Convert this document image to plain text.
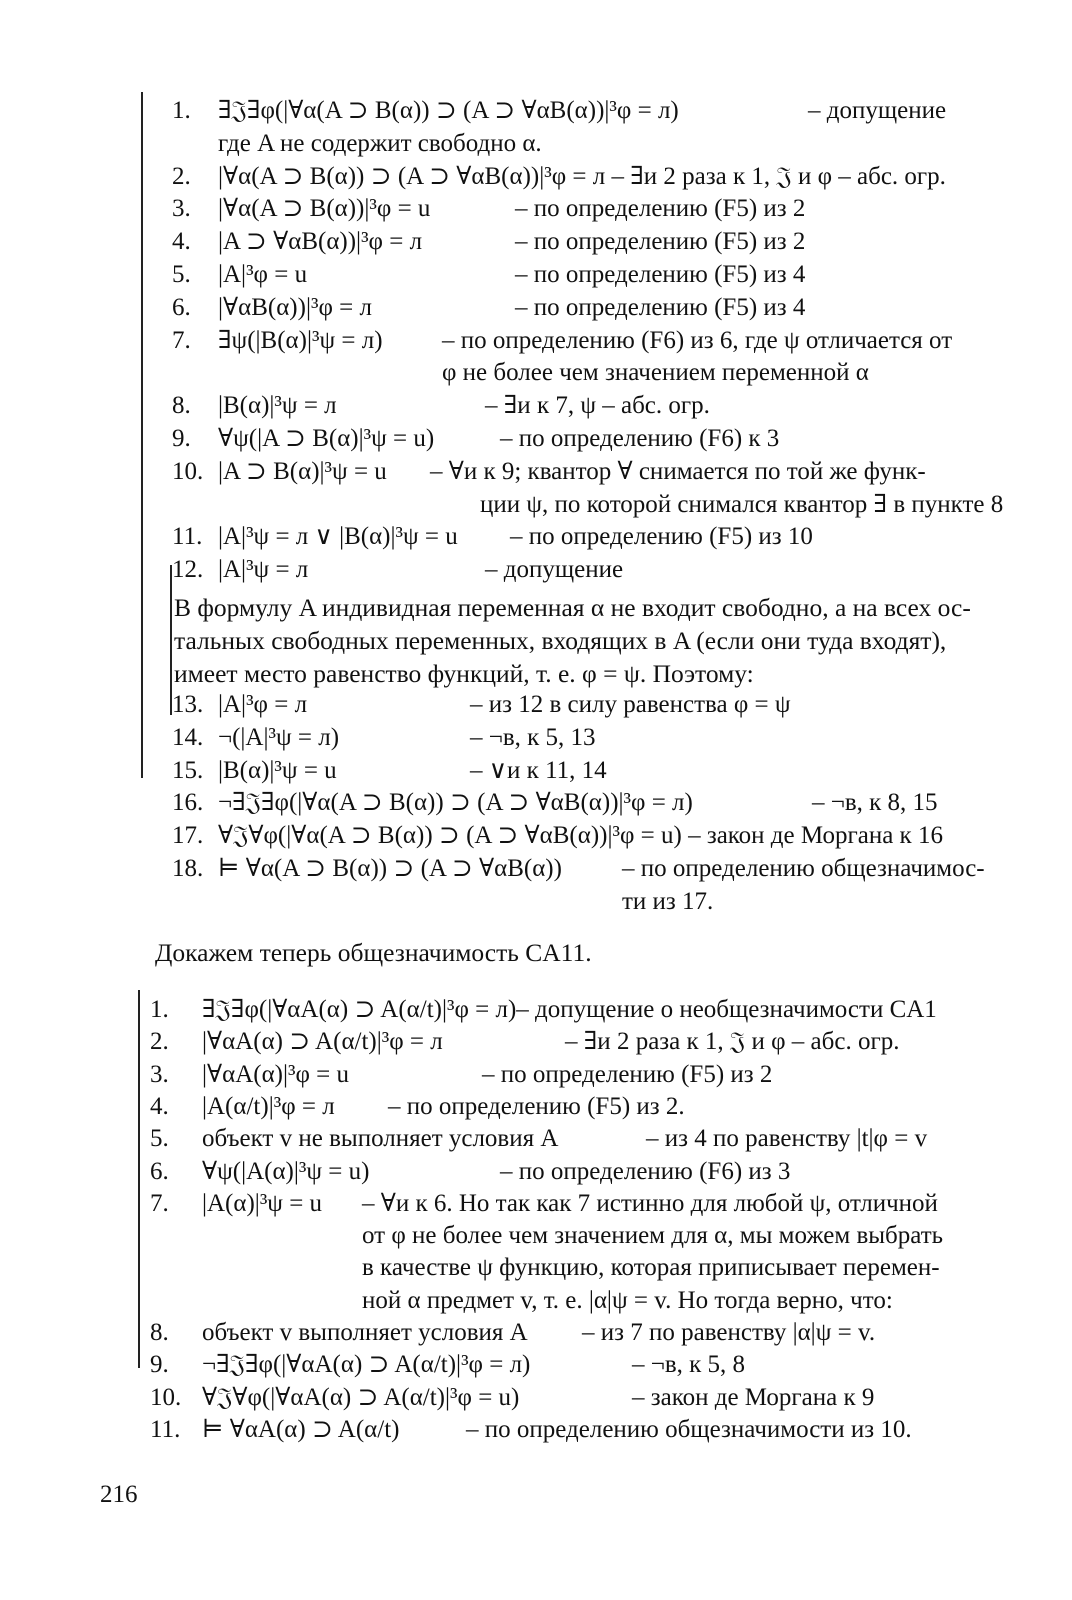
1. ∃𝔍∃φ(|∀α(A ⊃ B(α)) ⊃ (A ⊃ ∀αB(α))|³φ = л)	– допущение
где A не содержит свободно α.
2. |∀α(A ⊃ B(α)) ⊃ (A ⊃ ∀αB(α))|³φ = л – ∃и 2 раза к 1, 𝔍 и φ – абс. огр.
3. |∀α(A ⊃ B(α))|³φ = u	– по определению (F5) из 2
4. |A ⊃ ∀αB(α))|³φ = л	– по определению (F5) из 2
5. |A|³φ = u	– по определению (F5) из 4
6. |∀αB(α))|³φ = л	– по определению (F5) из 4
7. ∃ψ(|B(α)|³ψ = л) – по определению (F6) из 6, где ψ отличается от
φ не более чем значением переменной α
8. |B(α)|³ψ = л	– ∃и к 7, ψ – абс. огр.
9. ∀ψ(|A ⊃ B(α)|³ψ = u)	– по определению (F6) к 3
10. |A ⊃ B(α)|³ψ = u – ∀и к 9; квантор ∀ снимается по той же функ-
ции ψ, по которой снимался квантор ∃ в пункте 8
11. |A|³ψ = л ∨ |B(α)|³ψ = u – по определению (F5) из 10
12. |A|³ψ = л	– допущение
В формулу A индивидная переменная α не входит свободно, а на всех ос-
тальных свободных переменных, входящих в A (если они туда входят),
имеет место равенство функций, т. е. φ = ψ. Поэтому:
13. |A|³φ = л	– из 12 в силу равенства φ = ψ
14. ¬(|A|³ψ = л)	– ¬в, к 5, 13
15. |B(α)|³ψ = u	– ∨и к 11, 14
16. ¬∃𝔍∃φ(|∀α(A ⊃ B(α)) ⊃ (A ⊃ ∀αB(α))|³φ = л)	– ¬в, к 8, 15
17. ∀𝔍∀φ(|∀α(A ⊃ B(α)) ⊃ (A ⊃ ∀αB(α))|³φ = u) – закон де Моргана к 16
18. ⊨ ∀α(A ⊃ B(α)) ⊃ (A ⊃ ∀αB(α)) – по определению общезначимос-
ти из 17.
Докажем теперь общезначимость CA11.
1. ∃𝔍∃φ(|∀αA(α) ⊃ A(α/t)|³φ = л)– допущение о необщезначимости CA1
2. |∀αA(α) ⊃ A(α/t)|³φ = л	– ∃и 2 раза к 1, 𝔍 и φ – абс. огр.
3. |∀αA(α)|³φ = u	– по определению (F5) из 2
4. |A(α/t)|³φ = л – по определению (F5) из 2.
5. объект v не выполняет условия A	– из 4 по равенству |t|φ = v
6. ∀ψ(|A(α)|³ψ = u)	– по определению (F6) из 3
7. |A(α)|³ψ = u – ∀и к 6. Но так как 7 истинно для любой ψ, отличной
от φ не более чем значением для α, мы можем выбрать
в качестве ψ функцию, которая приписывает перемен-
ной α предмет v, т. е. |α|ψ = v. Но тогда верно, что:
8. объект v выполняет условия A – из 7 по равенству |α|ψ = v.
9. ¬∃𝔍∃φ(|∀αA(α) ⊃ A(α/t)|³φ = л)	– ¬в, к 5, 8
10. ∀𝔍∀φ(|∀αA(α) ⊃ A(α/t)|³φ = u)	– закон де Моргана к 9
11. ⊨ ∀αA(α) ⊃ A(α/t)	– по определению общезначимости из 10.
216
